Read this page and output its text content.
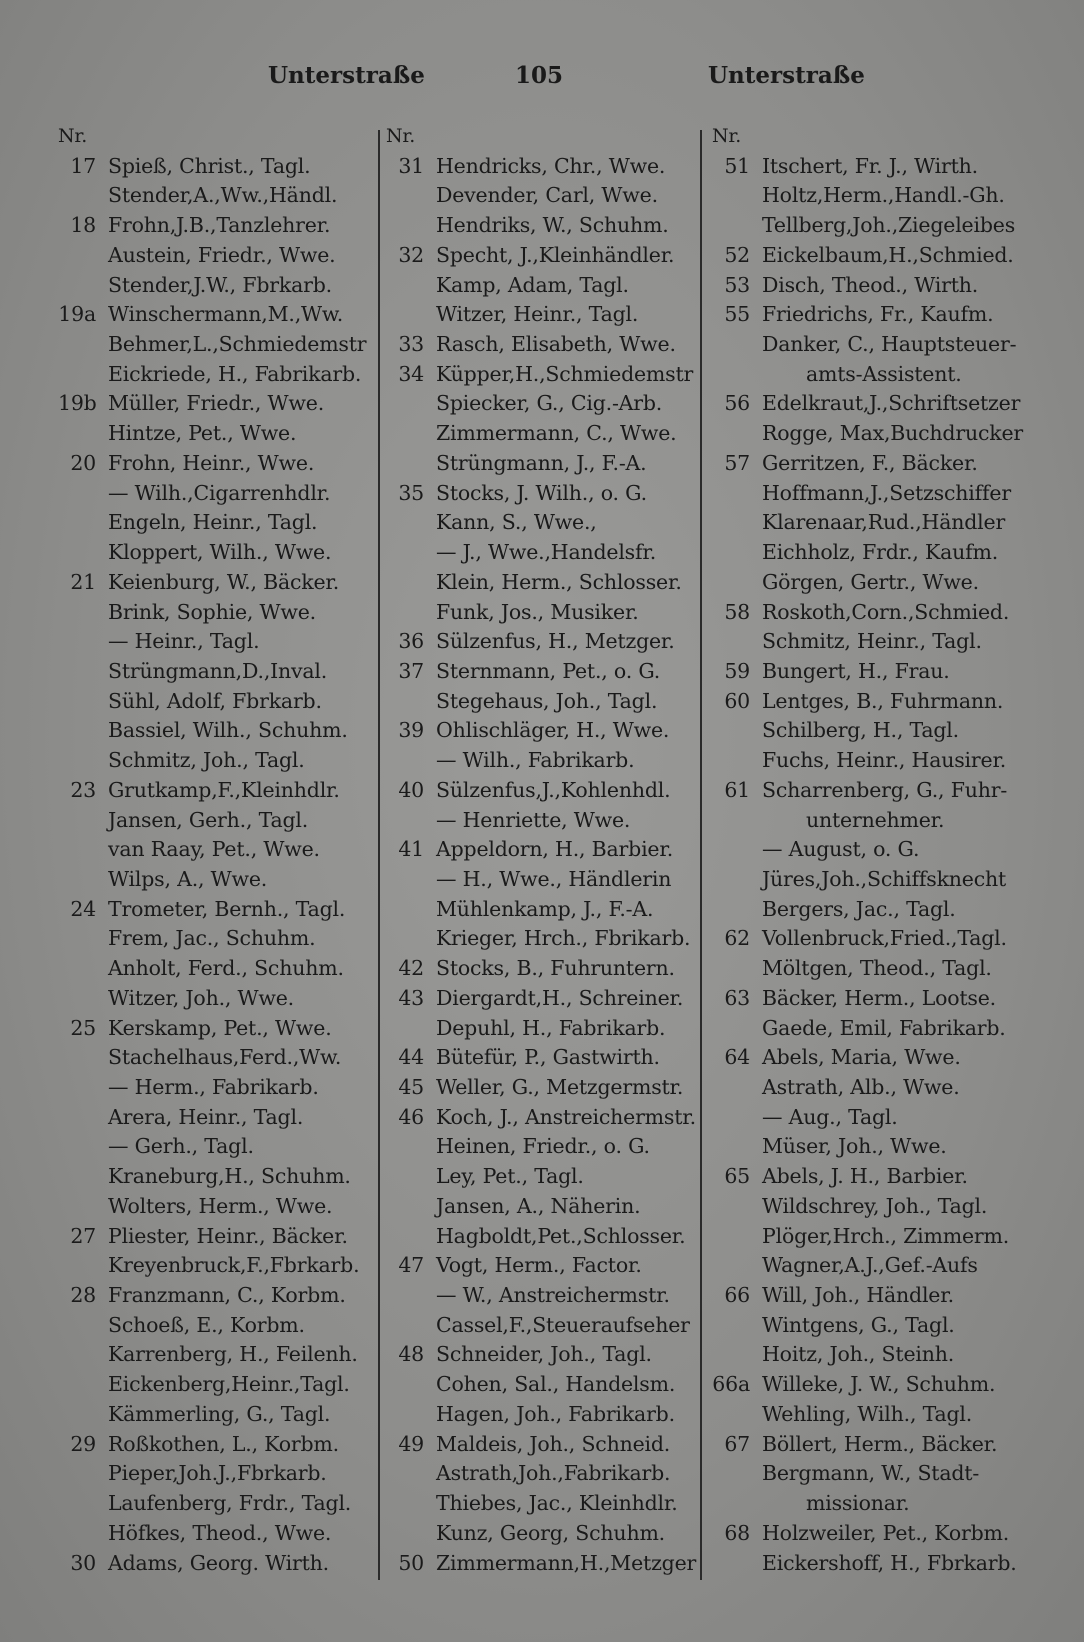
Unterstraße	105	Unterstraße
Nr.
17 Spieß, Christ., Tagl.
Stender,A.,Ww.,Händl.
18 Frohn,J.B.,Tanzlehrer.
Austein, Friedr., Wwe.
Stender,J.W., Fbrkarb.
19a Winschermann,M.,Ww.
Behmer,L.,Schmiedemstr
Eickriede, H., Fabrikarb.
19b Müller, Friedr., Wwe.
Hintze, Pet., Wwe.
20 Frohn, Heinr., Wwe.
— Wilh.,Cigarrenhdlr.
Engeln, Heinr., Tagl.
Kloppert, Wilh., Wwe.
21 Keienburg, W., Bäcker.
Brink, Sophie, Wwe.
— Heinr., Tagl.
Strüngmann,D.,Inval.
Sühl, Adolf, Fbrkarb.
Bassiel, Wilh., Schuhm.
Schmitz, Joh., Tagl.
23 Grutkamp,F.,Kleinhdlr.
Jansen, Gerh., Tagl.
van Raay, Pet., Wwe.
Wilps, A., Wwe.
24 Trometer, Bernh., Tagl.
Frem, Jac., Schuhm.
Anholt, Ferd., Schuhm.
Witzer, Joh., Wwe.
25 Kerskamp, Pet., Wwe.
Stachelhaus,Ferd.,Ww.
— Herm., Fabrikarb.
Arera, Heinr., Tagl.
— Gerh., Tagl.
Kraneburg,H., Schuhm.
Wolters, Herm., Wwe.
27 Pliester, Heinr., Bäcker.
Kreyenbruck,F.,Fbrkarb.
28 Franzmann, C., Korbm.
Schoeß, E., Korbm.
Karrenberg, H., Feilenh.
Eickenberg,Heinr.,Tagl.
Kämmerling, G., Tagl.
29 Roßkothen, L., Korbm.
Pieper,Joh.J.,Fbrkarb.
Laufenberg, Frdr., Tagl.
Höfkes, Theod., Wwe.
30 Adams, Georg. Wirth.
Nr.
31 Hendricks, Chr., Wwe.
Devender, Carl, Wwe.
Hendriks, W., Schuhm.
32 Specht, J.,Kleinhändler.
Kamp, Adam, Tagl.
Witzer, Heinr., Tagl.
33 Rasch, Elisabeth, Wwe.
34 Küpper,H.,Schmiedemstr
Spiecker, G., Cig.-Arb.
Zimmermann, C., Wwe.
Strüngmann, J., F.-A.
35 Stocks, J. Wilh., o. G.
Kann, S., Wwe.,
— J., Wwe.,Handelsfr.
Klein, Herm., Schlosser.
Funk, Jos., Musiker.
36 Sülzenfus, H., Metzger.
37 Sternmann, Pet., o. G.
Stegehaus, Joh., Tagl.
39 Ohlischläger, H., Wwe.
— Wilh., Fabrikarb.
40 Sülzenfus,J.,Kohlenhdl.
— Henriette, Wwe.
41 Appeldorn, H., Barbier.
— H., Wwe., Händlerin
Mühlenkamp, J., F.-A.
Krieger, Hrch., Fbrikarb.
42 Stocks, B., Fuhruntern.
43 Diergardt,H., Schreiner.
Depuhl, H., Fabrikarb.
44 Bütefür, P., Gastwirth.
45 Weller, G., Metzgermstr.
46 Koch, J., Anstreichermstr.
Heinen, Friedr., o. G.
Ley, Pet., Tagl.
Jansen, A., Näherin.
Hagboldt,Pet.,Schlosser.
47 Vogt, Herm., Factor.
— W., Anstreichermstr.
Cassel,F.,Steueraufseher
48 Schneider, Joh., Tagl.
Cohen, Sal., Handelsm.
Hagen, Joh., Fabrikarb.
49 Maldeis, Joh., Schneid.
Astrath,Joh.,Fabrikarb.
Thiebes, Jac., Kleinhdlr.
Kunz, Georg, Schuhm.
50 Zimmermann,H.,Metzger
Nr.
51 Itschert, Fr. J., Wirth.
Holtz,Herm.,Handl.-Gh.
Tellberg,Joh.,Ziegeleibes
52 Eickelbaum,H.,Schmied.
53 Disch, Theod., Wirth.
55 Friedrichs, Fr., Kaufm.
Danker, C., Hauptsteuer-
amts-Assistent.
56 Edelkraut,J.,Schriftsetzer
Rogge, Max,Buchdrucker
57 Gerritzen, F., Bäcker.
Hoffmann,J.,Setzschiffer
Klarenaar,Rud.,Händler
Eichholz, Frdr., Kaufm.
Görgen, Gertr., Wwe.
58 Roskoth,Corn.,Schmied.
Schmitz, Heinr., Tagl.
59 Bungert, H., Frau.
60 Lentges, B., Fuhrmann.
Schilberg, H., Tagl.
Fuchs, Heinr., Hausirer.
61 Scharrenberg, G., Fuhr-
unternehmer.
— August, o. G.
Jüres,Joh.,Schiffsknecht
Bergers, Jac., Tagl.
62 Vollenbruck,Fried.,Tagl.
Möltgen, Theod., Tagl.
63 Bäcker, Herm., Lootse.
Gaede, Emil, Fabrikarb.
64 Abels, Maria, Wwe.
Astrath, Alb., Wwe.
— Aug., Tagl.
Müser, Joh., Wwe.
65 Abels, J. H., Barbier.
Wildschrey, Joh., Tagl.
Plöger,Hrch., Zimmerm.
Wagner,A.J.,Gef.-Aufs
66 Will, Joh., Händler.
Wintgens, G., Tagl.
Hoitz, Joh., Steinh.
66a Willeke, J. W., Schuhm.
Wehling, Wilh., Tagl.
67 Böllert, Herm., Bäcker.
Bergmann, W., Stadt-
missionar.
68 Holzweiler, Pet., Korbm.
Eickershoff, H., Fbrkarb.
